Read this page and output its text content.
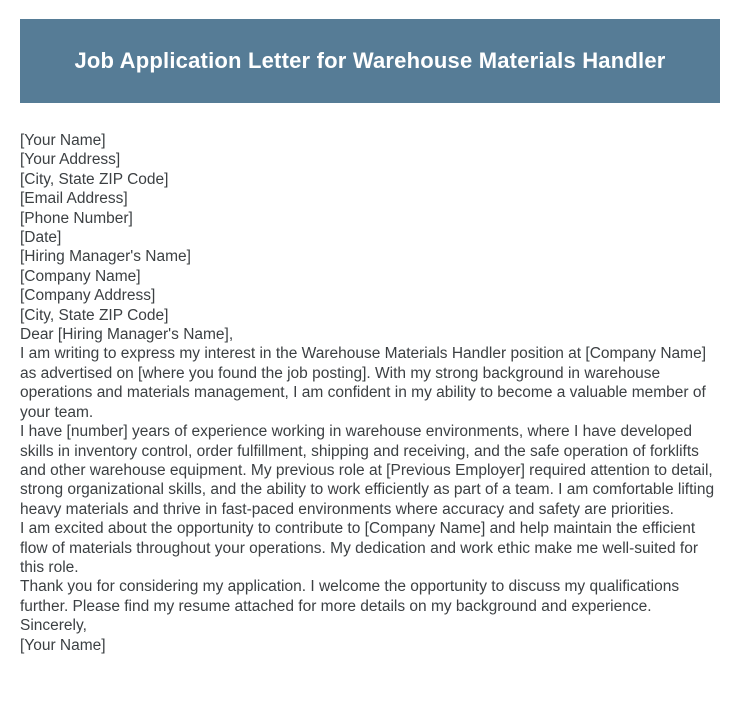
Job Application Letter for Warehouse Materials Handler
[Your Name]
[Your Address]
[City, State ZIP Code]
[Email Address]
[Phone Number]
[Date]
[Hiring Manager's Name]
[Company Name]
[Company Address]
[City, State ZIP Code]
Dear [Hiring Manager's Name],

I am writing to express my interest in the Warehouse Materials Handler position at [Company Name] as advertised on [where you found the job posting]. With my strong background in warehouse operations and materials management, I am confident in my ability to become a valuable member of your team.

I have [number] years of experience working in warehouse environments, where I have developed skills in inventory control, order fulfillment, shipping and receiving, and the safe operation of forklifts and other warehouse equipment. My previous role at [Previous Employer] required attention to detail, strong organizational skills, and the ability to work efficiently as part of a team. I am comfortable lifting heavy materials and thrive in fast-paced environments where accuracy and safety are priorities.

I am excited about the opportunity to contribute to [Company Name] and help maintain the efficient flow of materials throughout your operations. My dedication and work ethic make me well-suited for this role.

Thank you for considering my application. I welcome the opportunity to discuss my qualifications further. Please find my resume attached for more details on my background and experience.

Sincerely,
[Your Name]
